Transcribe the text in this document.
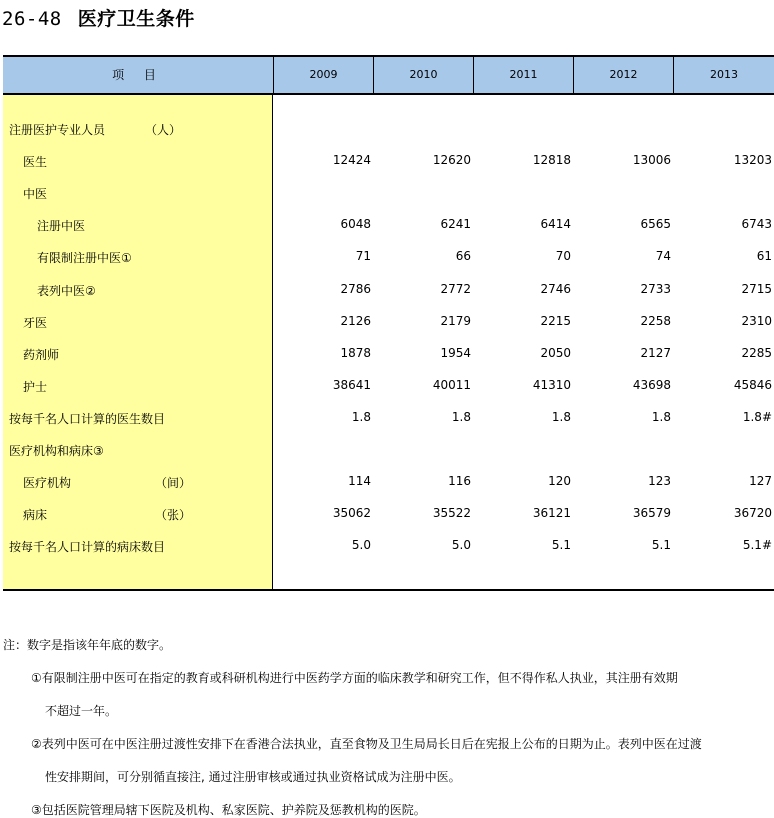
26-48 医疗卫生条件
项 目	2009	2010	2011	2012	2013
注册医护专业人员	（人）
医生	12424	12620	12818	13006	13203
中医
注册中医	6048	6241	6414	6565	6743
有限制注册中医①	71	66	70	74	61
表列中医②	2786	2772	2746	2733	2715
牙医	2126	2179	2215	2258	2310
药剂师	1878	1954	2050	2127	2285
护士	38641	40011	41310	43698	45846
按每千名人口计算的医生数目	1.8	1.8	1.8	1.8	1.8#
医疗机构和病床③
医疗机构	（间）	114	116	120	123	127
病床	（张）	35062	35522	36121	36579	36720
按每千名人口计算的病床数目	5.0	5.0	5.1	5.1	5.1#
注：数字是指该年年底的数字。
①有限制注册中医可在指定的教育或科研机构进行中医药学方面的临床教学和研究工作，但不得作私人执业，其注册有效期
不超过一年。
②表列中医可在中医注册过渡性安排下在香港合法执业，直至食物及卫生局局长日后在宪报上公布的日期为止。表列中医在过渡
性安排期间，可分别循直接注, 通过注册审核或通过执业资格试成为注册中医。
③包括医院管理局辖下医院及机构、私家医院、护养院及惩教机构的医院。
